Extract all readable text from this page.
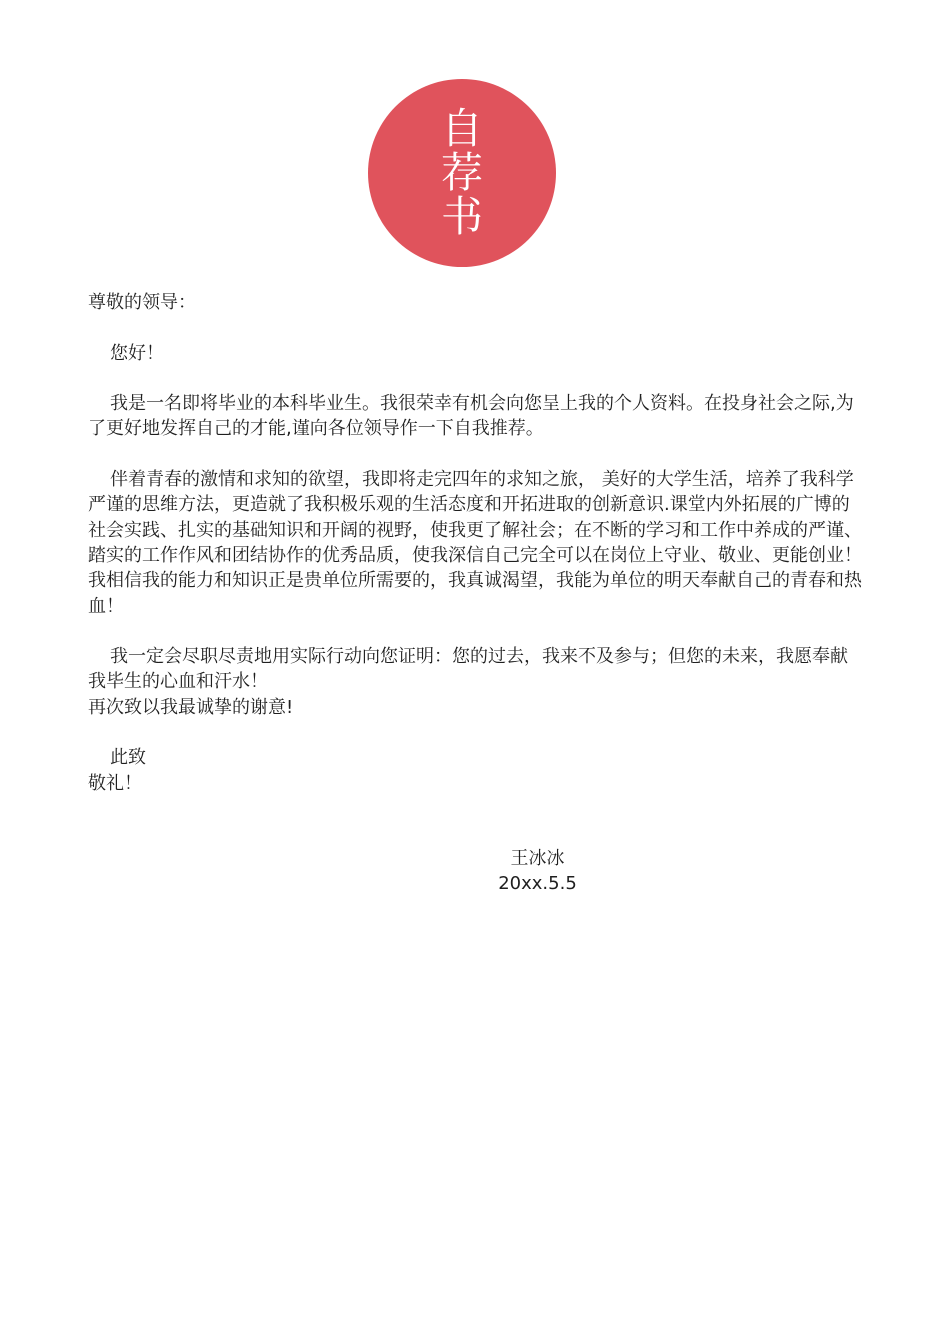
自
荐
书

尊敬的领导：

您好！

我是一名即将毕业的本科毕业生。我很荣幸有机会向您呈上我的个人资料。在投身社会之际,为了更好地发挥自己的才能,谨向各位领导作一下自我推荐。

伴着青春的激情和求知的欲望，我即将走完四年的求知之旅， 美好的大学生活，培养了我科学严谨的思维方法，更造就了我积极乐观的生活态度和开拓进取的创新意识.课堂内外拓展的广博的社会实践、扎实的基础知识和开阔的视野，使我更了解社会；在不断的学习和工作中养成的严谨、踏实的工作作风和团结协作的优秀品质，使我深信自己完全可以在岗位上守业、敬业、更能创业！我相信我的能力和知识正是贵单位所需要的，我真诚渴望，我能为单位的明天奉献自己的青春和热血！

我一定会尽职尽责地用实际行动向您证明：您的过去，我来不及参与；但您的未来，我愿奉献我毕生的心血和汗水！

再次致以我最诚挚的谢意!

此致

敬礼！

王冰冰
20xx.5.5
